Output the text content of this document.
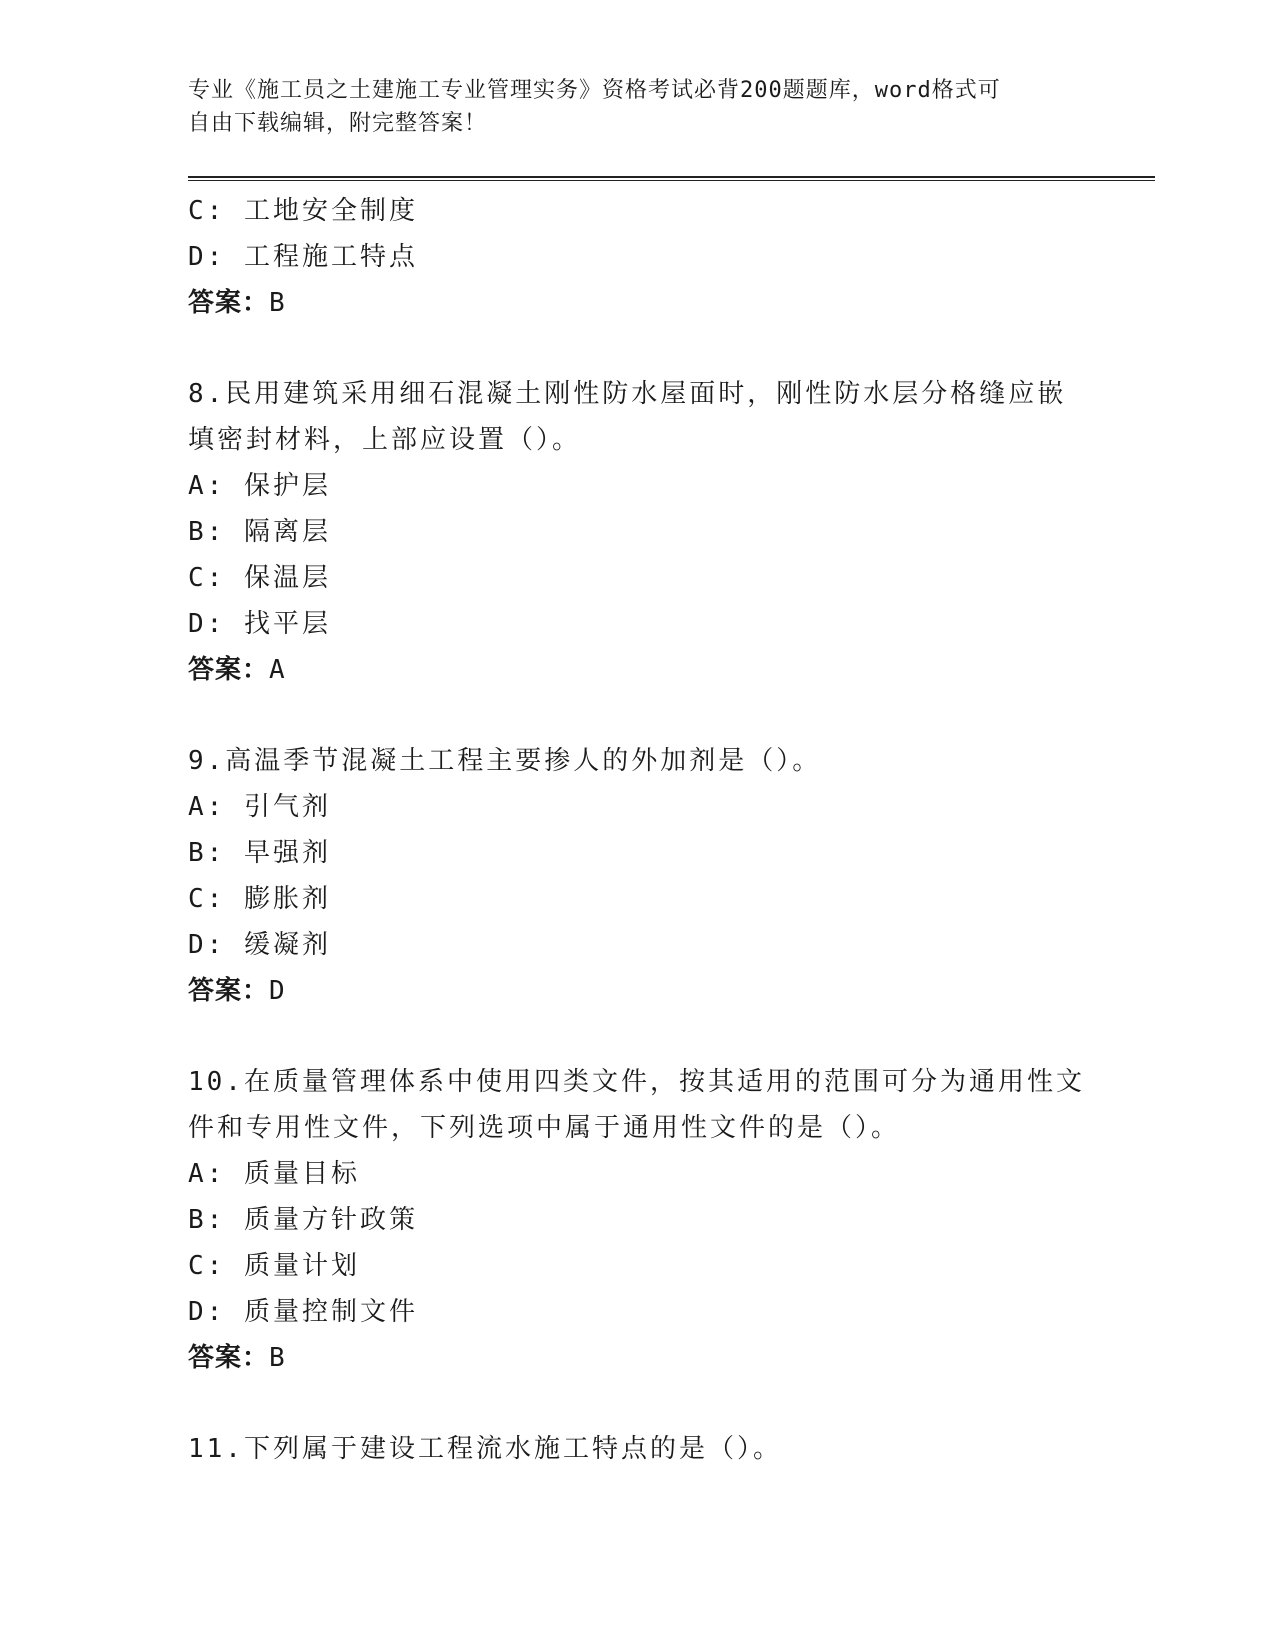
专业《施工员之土建施工专业管理实务》资格考试必背200题题库，word格式可
自由下载编辑，附完整答案！
C: 工地安全制度
D: 工程施工特点
答案：B
8.民用建筑采用细石混凝土刚性防水屋面时，刚性防水层分格缝应嵌
填密封材料，上部应设置（）。
A: 保护层
B: 隔离层
C: 保温层
D: 找平层
答案：A
9.高温季节混凝土工程主要掺人的外加剂是（）。
A: 引气剂
B: 早强剂
C: 膨胀剂
D: 缓凝剂
答案：D
10.在质量管理体系中使用四类文件，按其适用的范围可分为通用性文
件和专用性文件，下列选项中属于通用性文件的是（）。
A: 质量目标
B: 质量方针政策
C: 质量计划
D: 质量控制文件
答案：B
11.下列属于建设工程流水施工特点的是（）。
